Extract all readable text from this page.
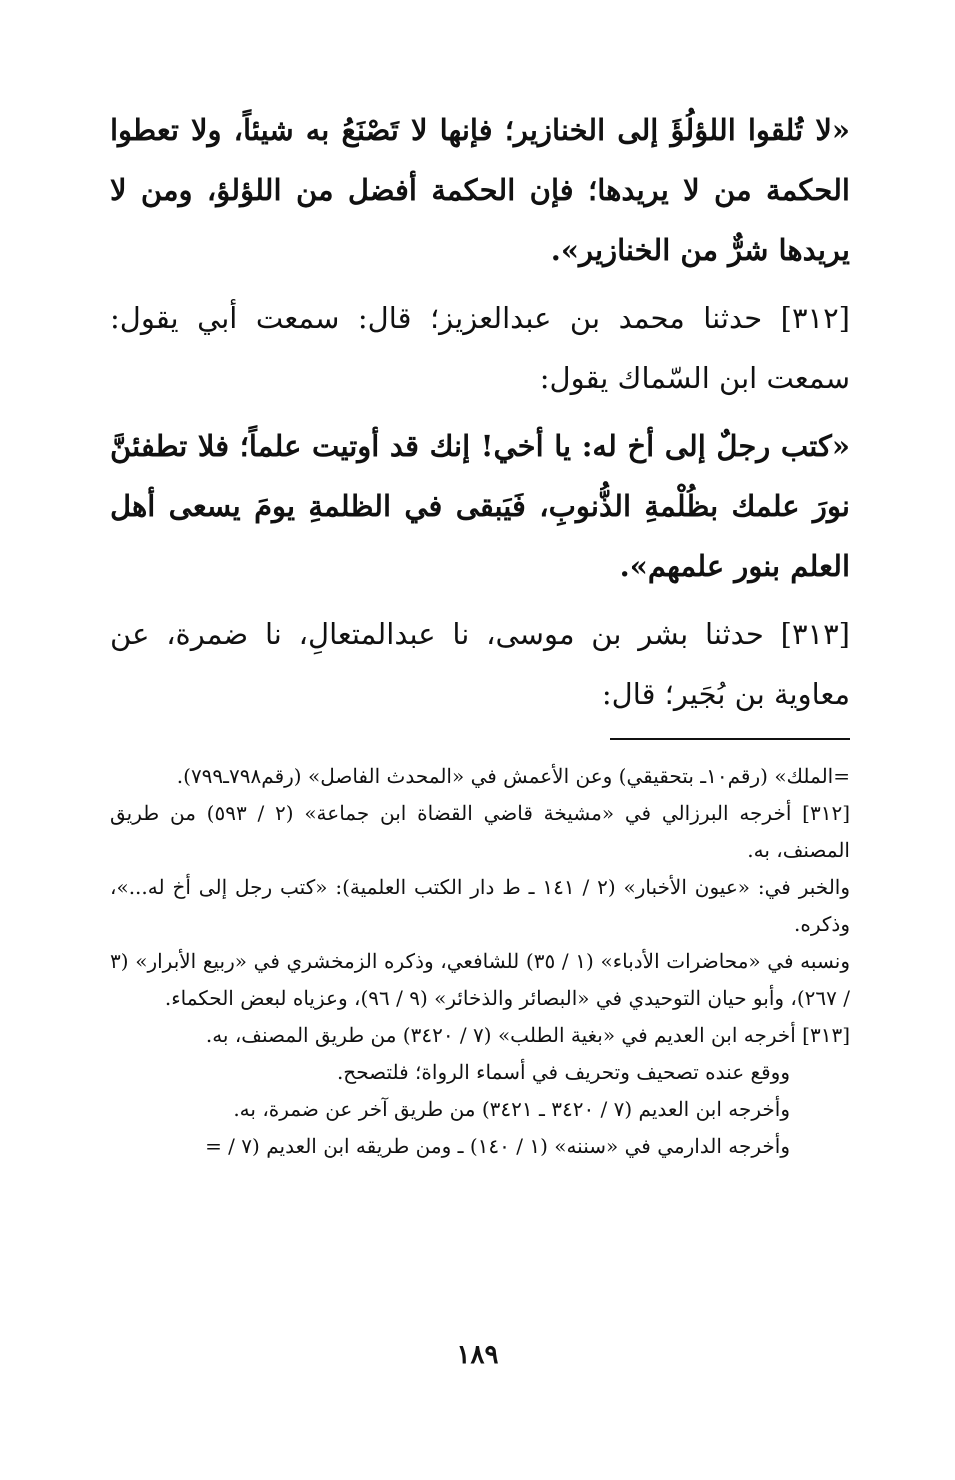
«لا تُلقوا اللؤلُؤَ إلى الخنازير؛ فإنها لا تَصْنَعُ به شيئاً، ولا تعطوا الحكمة من لا يريدها؛ فإن الحكمة أفضل من اللؤلؤ، ومن لا يريدها شرٌّ من الخنازير».

[٣١٢] حدثنا محمد بن عبدالعزيز؛ قال: سمعت أبي يقول: سمعت ابن السّماك يقول:

«كتب رجلٌ إلى أخ له: يا أخي! إنك قد أوتيت علماً؛ فلا تطفئنَّ نورَ علمك بظُلْمةِ الذُّنوبِ، فَيَبقى في الظلمةِ يومَ يسعى أهل العلم بنور علمهم».

[٣١٣] حدثنا بشر بن موسى، نا عبدالمتعالِ، نا ضمرة، عن معاوية بن بُجَير؛ قال:

=الملك» (رقم١٠ـ بتحقيقي) وعن الأعمش في «المحدث الفاصل» (رقم٧٩٨ـ٧٩٩).

[٣١٢] أخرجه البرزالي في «مشيخة قاضي القضاة ابن جماعة» (٢ / ٥٩٣) من طريق المصنف، به.

والخبر في: «عيون الأخبار» (٢ / ١٤١ ـ ط دار الكتب العلمية): «كتب رجل إلى أخ له...»، وذكره.

ونسبه في «محاضرات الأدباء» (١ / ٣٥) للشافعي، وذكره الزمخشري في «ربيع الأبرار» (٣ / ٢٦٧)، وأبو حيان التوحيدي في «البصائر والذخائر» (٩ / ٩٦)، وعزياه لبعض الحكماء.

[٣١٣] أخرجه ابن العديم في «بغية الطلب» (٧ / ٣٤٢٠) من طريق المصنف، به.

ووقع عنده تصحيف وتحريف في أسماء الرواة؛ فلتصحح.

وأخرجه ابن العديم (٧ / ٣٤٢٠ ـ ٣٤٢١) من طريق آخر عن ضمرة، به.

وأخرجه الدارمي في «سننه» (١ / ١٤٠) ـ ومن طريقه ابن العديم (٧ / =

١٨٩
